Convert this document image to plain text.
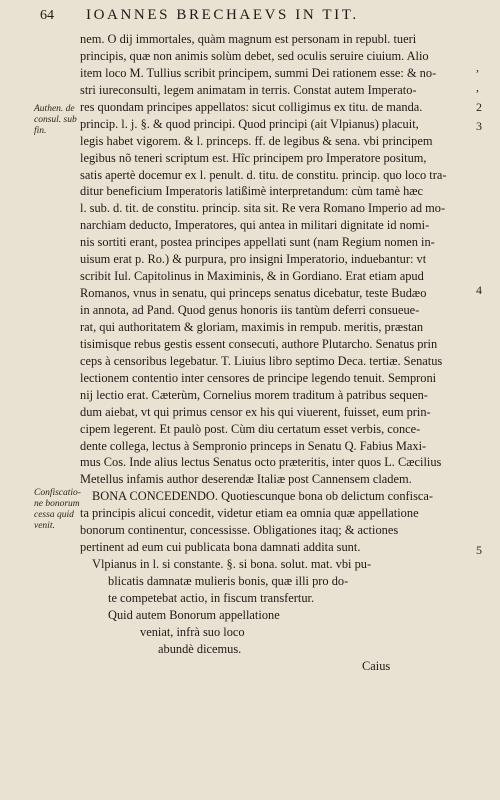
64 IOANNES BRECHAEVS IN TIT.
nem. O dij immortales, quàm magnum est personam in republ. tueri
principis, quæ non animis solùm debet, sed oculis seruire ciuium. Alio
item loco M. Tullius scribit principem, summi Dei rationem esse: & no-
stri iureconsulti, legem animatam in terris. Constat autem Imperato-
res quondam principes appellatos: sicut colligimus ex titu. de manda.
princip. l. j. §. & quod principi. Quod principi (ait Vlpianus) placuit,
legis habet vigorem. & l. princeps. ff. de legibus & sena. vbi principem
legibus nõ teneri scriptum est. Hîc principem pro Imperatore positum,
satis apertè docemur ex l. penult. d. titu. de constitu. princip. quo loco tra-
ditur beneficium Imperatoris latißimè interpretandum: cùm tamè hæc
l. sub. d. tit. de constitu. princip. sita sit. Re vera Romano Imperio ad mo-
narchiam deducto, Imperatores, qui antea in militari dignitate id nomi-
nis sortiti erant, postea principes appellati sunt (nam Regium nomen in-
uisum erat p. Ro.) & purpura, pro insigni Imperatorio, induebantur: vt
scribit Iul. Capitolinus in Maximinis, & in Gordiano. Erat etiam apud
Romanos, vnus in senatu, qui princeps senatus dicebatur, teste Budæo
in annota, ad Pand. Quod genus honoris iis tantùm deferri consueue-
rat, qui authoritatem & gloriam, maximis in rempub. meritis, præstan
tisimisque rebus gestis essent consecuti, authore Plutarcho. Senatus prin
ceps à censoribus legebatur. T. Liuius libro septimo Deca. tertiæ. Senatus
lectionem contentio inter censores de principe legendo tenuit. Semproni
nij lectio erat. Cæterùm, Cornelius morem traditum à patribus sequen-
dum aiebat, vt qui primus censor ex his qui viuerent, fuisset, eum prin-
cipem legerent. Et paulò post. Cùm diu certatum esset verbis, conce-
dente collega, lectus à Sempronio princeps in Senatu Q. Fabius Maxi-
mus Cos. Inde alius lectus Senatus octo præteritis, inter quos L. Cæcilius
Metellus infamis author deserendæ Italiæ post Cannensem cladem.
BONA CONCEDENDO. Quotiescunque bona ob delictum confisca-
ta principis alicui concedit, videtur etiam ea omnia quæ appellatione
bonorum continentur, concessisse. Obligationes itaq; & actiones
pertinent ad eum cui publicata bona damnati addita sunt.
Vlpianus in l. si constante. §. si bona. solut. mat. vbi pu-
blicatis damnatæ mulieris bonis, quæ illi pro do-
te competebat actio, in fiscum transfertur.
Quid autem Bonorum appellatione
veniat, infrà suo loco
abundè dicemus.
Caius
Authen. de consul. sub fin.
Confiscatio-ne bonorum cessa quid venit.
,
,
2
3
4
5
